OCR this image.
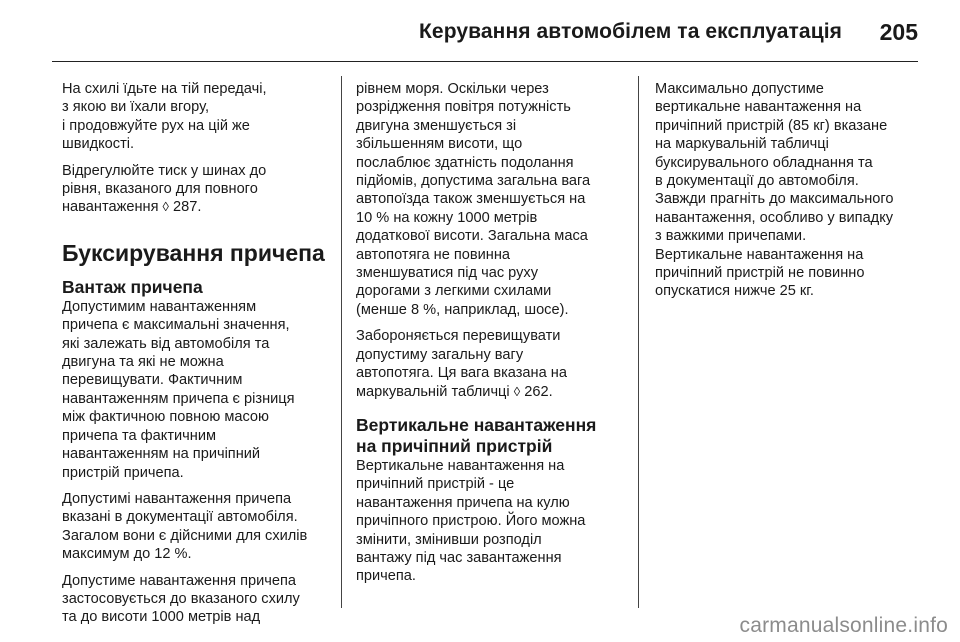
Керування автомобілем та експлуатація 205

На схилі їдьте на тій передачі,
з якою ви їхали вгору,
і продовжуйте рух на цій же
швидкості.

Відрегулюйте тиск у шинах до
рівня, вказаного для повного
навантаження ◊ 287.

Буксирування причепа
Вантаж причепа

Допустимим навантаженням
причепа є максимальні значення,
які залежать від автомобіля та
двигуна та які не можна
перевищувати. Фактичним
навантаженням причепа є різниця
між фактичною повною масою
причепа та фактичним
навантаженням на причіпний
пристрій причепа.

Допустимі навантаження причепа
вказані в документації автомобіля.
Загалом вони є дійсними для схилів
максимум до 12 %.

Допустиме навантаження причепа
застосовується до вказаного схилу
та до висоти 1000 метрів над

рівнем моря. Оскільки через
розрідження повітря потужність
двигуна зменшується зі
збільшенням висоти, що
послаблює здатність подолання
підйомів, допустима загальна вага
автопоїзда також зменшується на
10 % на кожну 1000 метрів
додаткової висоти. Загальна маса
автопотяга не повинна
зменшуватися під час руху
дорогами з легкими схилами
(менше 8 %, наприклад, шосе).

Забороняється перевищувати
допустиму загальну вагу
автопотяга. Ця вага вказана на
маркувальній табличці ◊ 262.

Вертикальне навантаження
на причіпний пристрій

Вертикальне навантаження на
причіпний пристрій - це
навантаження причепа на кулю
причіпного пристрою. Його можна
змінити, змінивши розподіл
вантажу під час завантаження
причепа.

Максимально допустиме
вертикальне навантаження на
причіпний пристрій (85 кг) вказане
на маркувальній табличці
буксирувального обладнання та
в документації до автомобіля.
Завжди прагніть до максимального
навантаження, особливо у випадку
з важкими причепами.
Вертикальне навантаження на
причіпний пристрій не повинно
опускатися нижче 25 кг.

carmanualsonline.info
